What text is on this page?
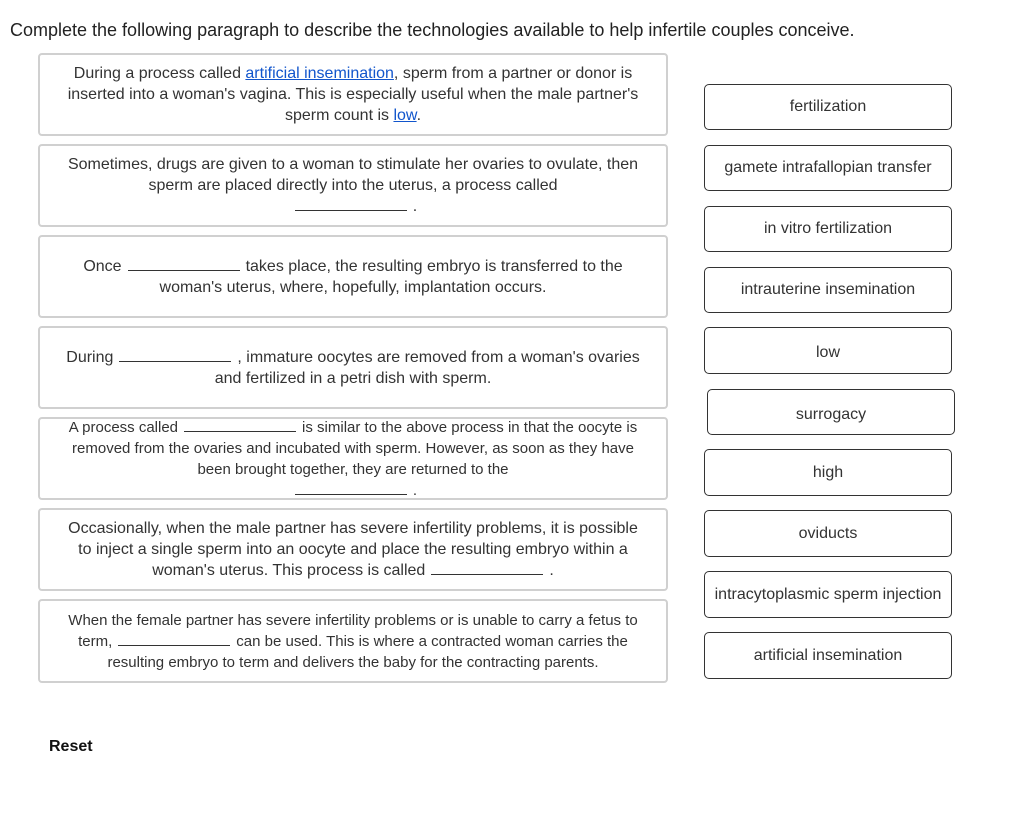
Complete the following paragraph to describe the technologies available to help infertile couples conceive.
During a process called artificial insemination, sperm from a partner or donor is inserted into a woman's vagina. This is especially useful when the male partner's sperm count is low.
Sometimes, drugs are given to a woman to stimulate her ovaries to ovulate, then sperm are placed directly into the uterus, a process called
.
Once	takes place, the resulting embryo is transferred to the woman's uterus, where, hopefully, implantation occurs.
During	, immature oocytes are removed from a woman's ovaries and fertilized in a petri dish with sperm.
A process called	is similar to the above process in that the oocyte is removed from the ovaries and incubated with sperm. However, as soon as they have been brought together, they are returned to the
.
Occasionally, when the male partner has severe infertility problems, it is possible to inject a single sperm into an oocyte and place the resulting embryo within a woman's uterus. This process is called	.
When the female partner has severe infertility problems or is unable to carry a fetus to term,	can be used. This is where a contracted woman carries the resulting embryo to term and delivers the baby for the contracting parents.
fertilization
gamete intrafallopian transfer
in vitro fertilization
intrauterine insemination
low
surrogacy
high
oviducts
intracytoplasmic sperm injection
artificial insemination
Reset
